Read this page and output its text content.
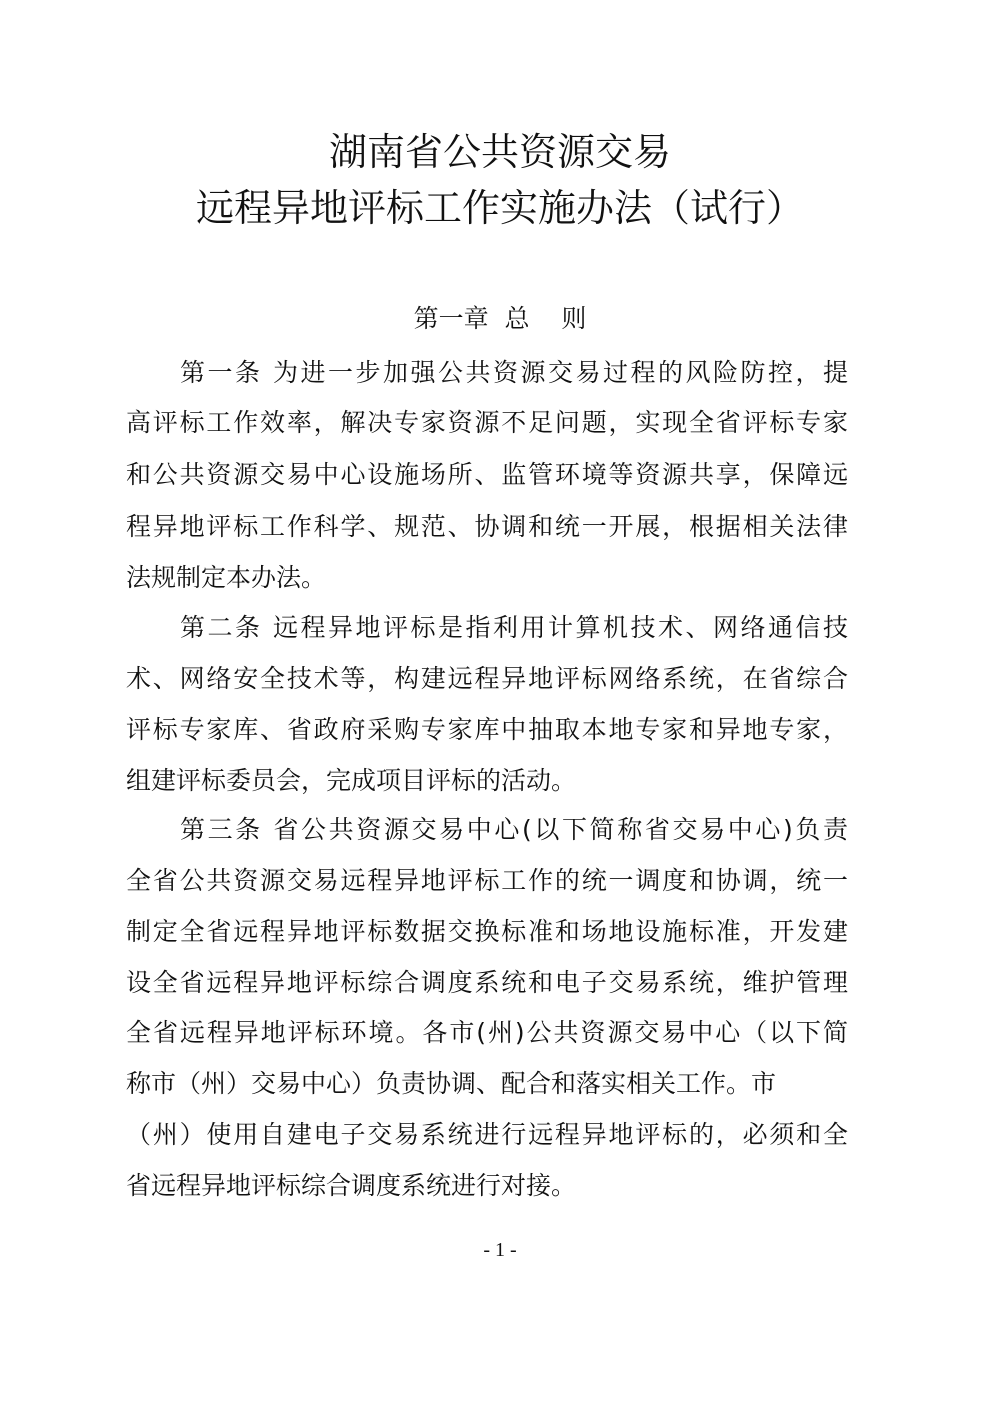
湖南省公共资源交易
远程异地评标工作实施办法（试行）
第一章  总    则
第一条 为进一步加强公共资源交易过程的风险防控，提
高评标工作效率，解决专家资源不足问题，实现全省评标专家
和公共资源交易中心设施场所、监管环境等资源共享，保障远
程异地评标工作科学、规范、协调和统一开展，根据相关法律
法规制定本办法。
第二条 远程异地评标是指利用计算机技术、网络通信技
术、网络安全技术等，构建远程异地评标网络系统，在省综合
评标专家库、省政府采购专家库中抽取本地专家和异地专家，
组建评标委员会，完成项目评标的活动。
第三条 省公共资源交易中心(以下简称省交易中心)负责
全省公共资源交易远程异地评标工作的统一调度和协调，统一
制定全省远程异地评标数据交换标准和场地设施标准，开发建
设全省远程异地评标综合调度系统和电子交易系统，维护管理
全省远程异地评标环境。各市(州)公共资源交易中心（以下简
称市（州）交易中心）负责协调、配合和落实相关工作。市
（州）使用自建电子交易系统进行远程异地评标的，必须和全
省远程异地评标综合调度系统进行对接。
- 1 -
